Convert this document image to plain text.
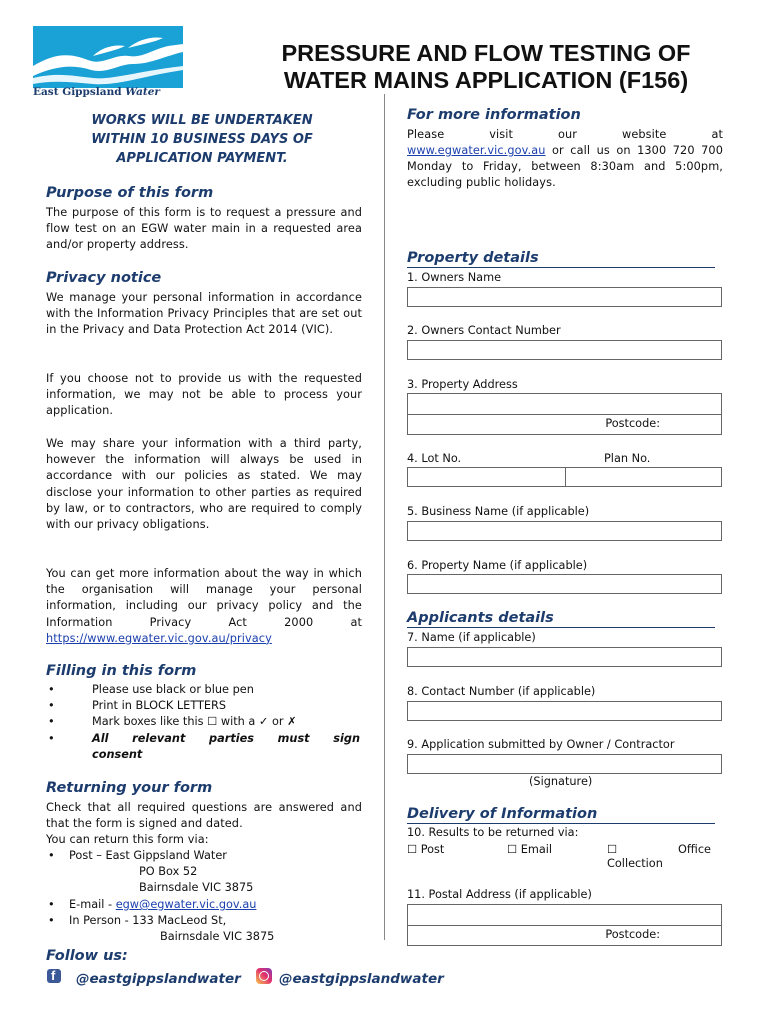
East Gippsland Water
PRESSURE AND FLOW TESTING OF
WATER MAINS APPLICATION (F156)
WORKS WILL BE UNDERTAKEN
WITHIN 10 BUSINESS DAYS OF
APPLICATION PAYMENT.
Purpose of this form
The purpose of this form is to request a pressure and flow test on an EGW water main in a requested area and/or property address.
Privacy notice
We manage your personal information in accordance with the Information Privacy Principles that are set out in the Privacy and Data Protection Act 2014 (VIC).
If you choose not to provide us with the requested information, we may not be able to process your application.
We may share your information with a third party, however the information will always be used in accordance with our policies as stated. We may disclose your information to other parties as required by law, or to contractors, who are required to comply with our privacy obligations.
You can get more information about the way in which the organisation will manage your personal information, including our privacy policy and the Information Privacy Act 2000 at https://www.egwater.vic.gov.au/privacy
Filling in this form
•	Please use black or blue pen
•	Print in BLOCK LETTERS
•	Mark boxes like this ☐ with a ✓ or ✗
•	All relevant parties must sign consent
Returning your form
Check that all required questions are answered and that the form is signed and dated.
You can return this form via:
• Post – East Gippsland Water
PO Box 52
Bairnsdale VIC 3875
• E-mail - egw@egwater.vic.gov.au
• In Person - 133 MacLeod St,
Bairnsdale VIC 3875
Follow us:
f @eastgippslandwater	@eastgippslandwater
For more information
Please visit our website at
www.egwater.vic.gov.au or call us on 1300 720 700 Monday to Friday, between 8:30am and 5:00pm, excluding public holidays.
Property details
1. Owners Name
2. Owners Contact Number
3. Property Address
Postcode:
4. Lot No.	Plan No.
5. Business Name (if applicable)
6. Property Name (if applicable)
Applicants details
7. Name (if applicable)
8. Contact Number (if applicable)
9. Application submitted by Owner / Contractor
(Signature)
Delivery of Information
10. Results to be returned via:
☐ Post	☐ Email	☐	Office
Collection
11. Postal Address (if applicable)
Postcode:
